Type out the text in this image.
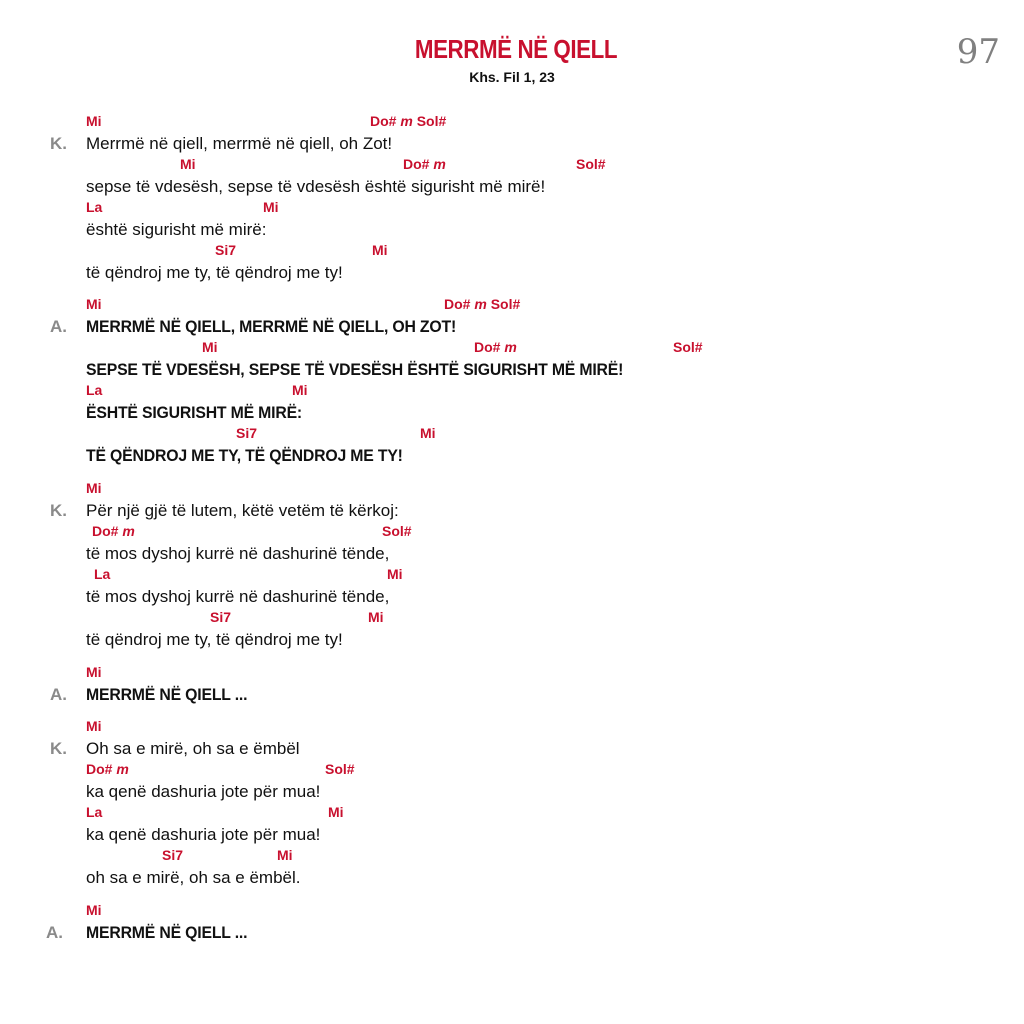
MERRMË NË QIELL
Khs. Fil 1, 23
97
Mi	Do# m Sol#
K. Merrmë në qiell, merrmë në qiell, oh Zot!
Mi	Do# m	Sol#
sepse të vdesësh, sepse të vdesësh është sigurisht më mirë!
La	Mi
është sigurisht më mirë:
Si7	Mi
të qëndroj me ty, të qëndroj me ty!
Mi	Do# m Sol#
A. MERRMË NË QIELL, MERRMË NË QIELL, OH ZOT!
Mi	Do# m	Sol#
SEPSE TË VDESËSH, SEPSE TË VDESËSH ËSHTË SIGURISHT MË MIRË!
La	Mi
ËSHTË SIGURISHT MË MIRË:
Si7	Mi
TË QËNDROJ ME TY, TË QËNDROJ ME TY!
Mi
K. Për një gjë të lutem, këtë vetëm të kërkoj:
Do# m	Sol#
të mos dyshoj kurrë në dashurinë tënde,
La	Mi
të mos dyshoj kurrë në dashurinë tënde,
Si7	Mi
të qëndroj me ty, të qëndroj me ty!
Mi
A. MERRMË NË QIELL ...
Mi
K. Oh sa e mirë, oh sa e ëmbël
Do# m	Sol#
ka qenë dashuria jote për mua!
La	Mi
ka qenë dashuria jote për mua!
Si7	Mi
oh sa e mirë, oh sa e ëmbël.
Mi
A. MERRMË NË QIELL ...
